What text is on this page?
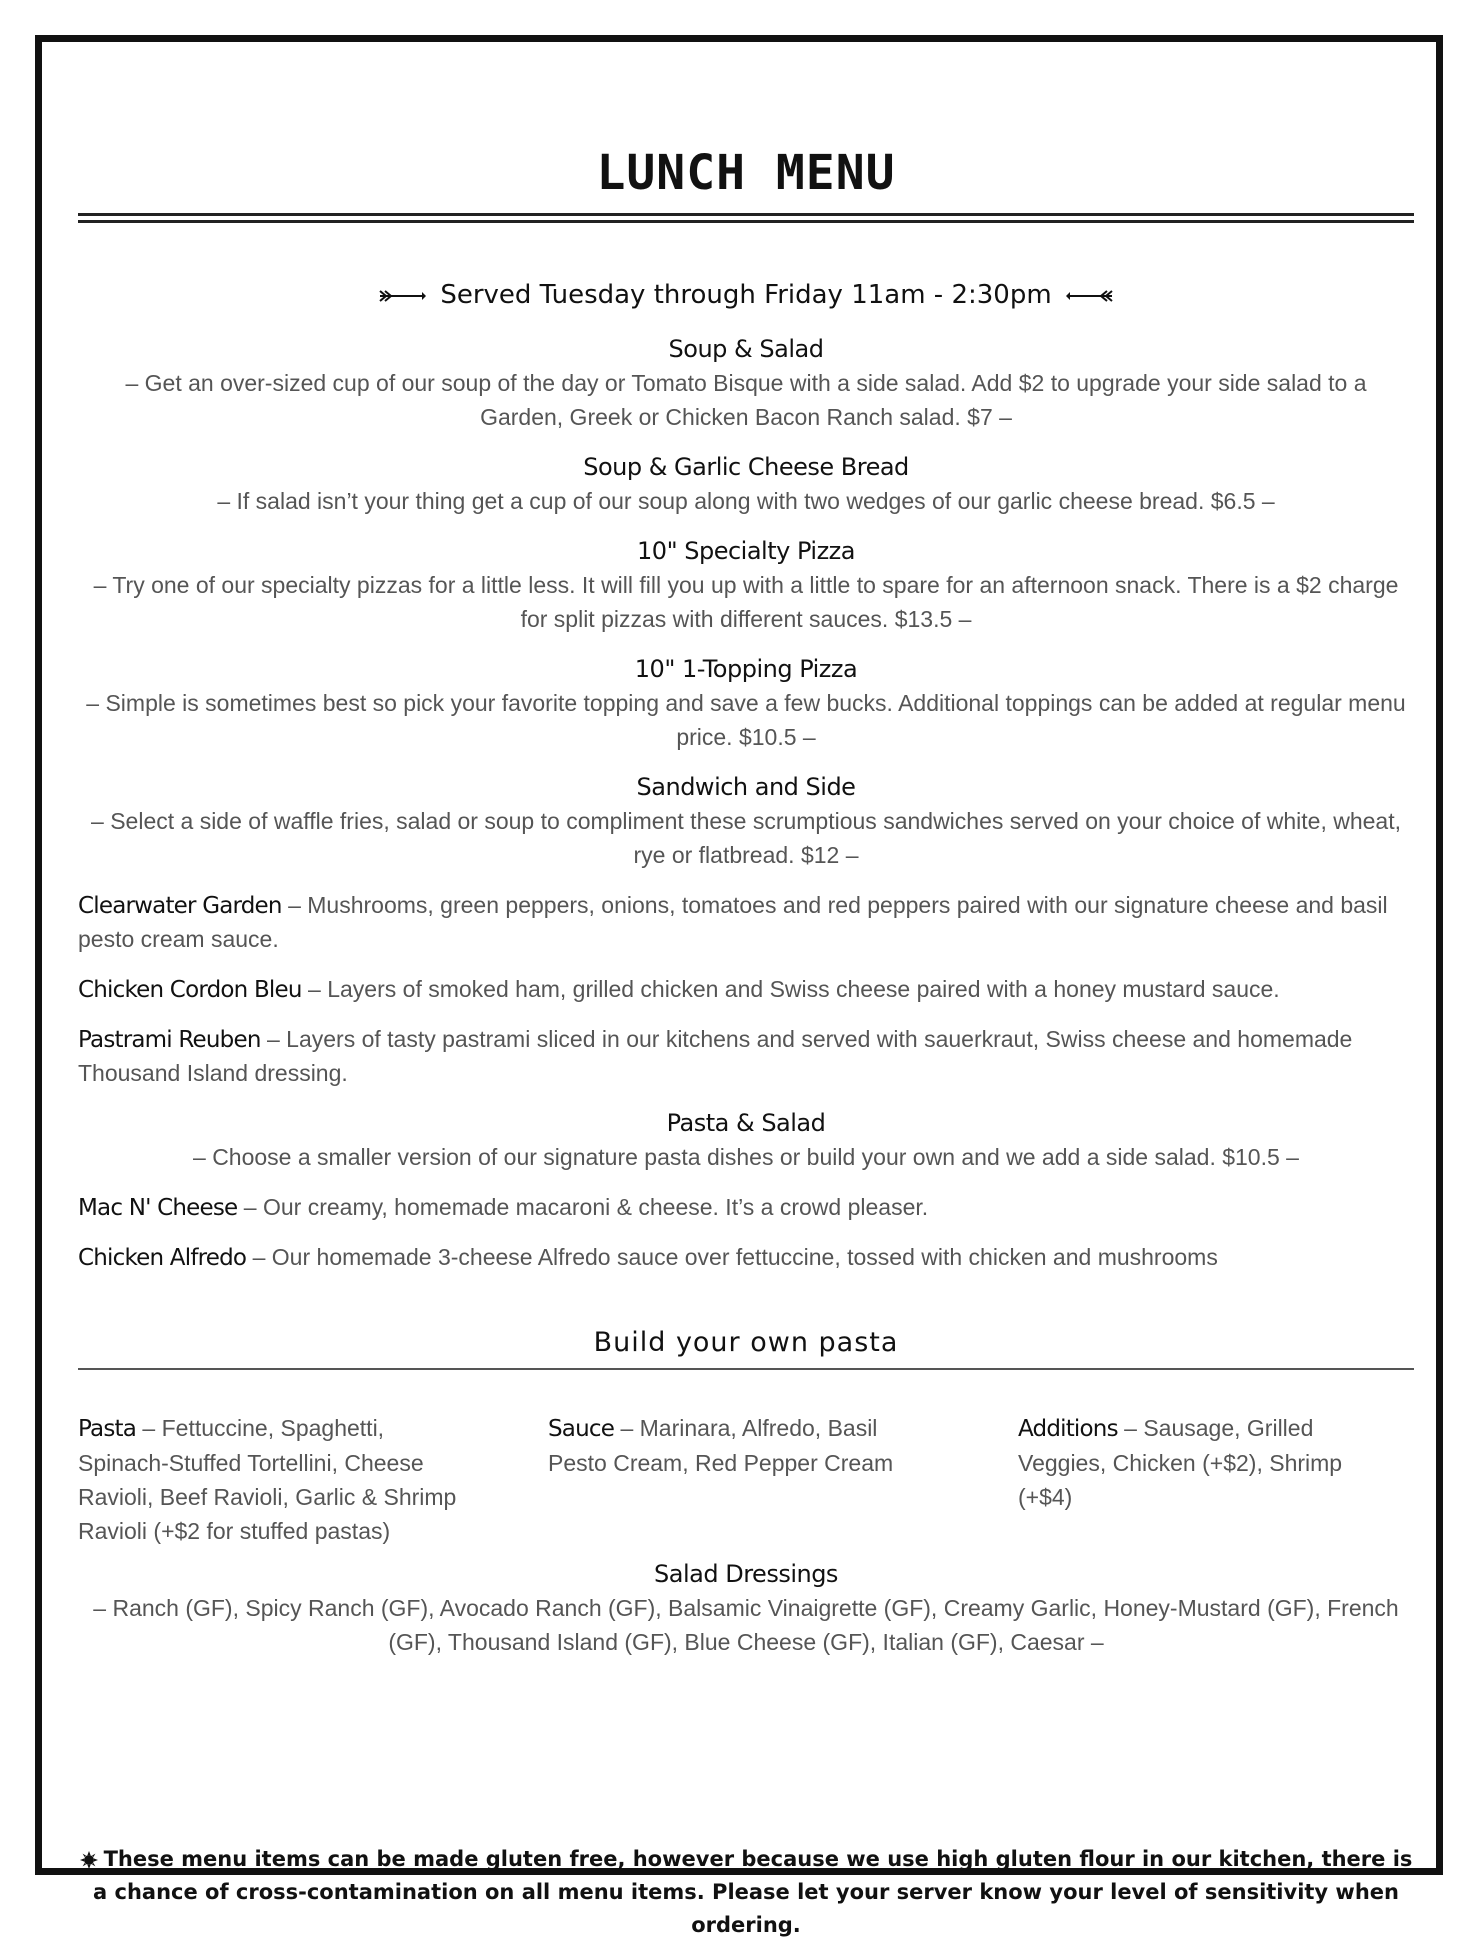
LUNCH MENU
Served Tuesday through Friday 11am - 2:30pm
Soup & Salad
– Get an over-sized cup of our soup of the day or Tomato Bisque with a side salad. Add $2 to upgrade your side salad to a Garden, Greek or Chicken Bacon Ranch salad. $7 –
Soup & Garlic Cheese Bread
– If salad isn’t your thing get a cup of our soup along with two wedges of our garlic cheese bread. $6.5 –
10" Specialty Pizza
– Try one of our specialty pizzas for a little less. It will fill you up with a little to spare for an afternoon snack. There is a $2 charge for split pizzas with different sauces. $13.5 –
10" 1-Topping Pizza
– Simple is sometimes best so pick your favorite topping and save a few bucks. Additional toppings can be added at regular menu price. $10.5 –
Sandwich and Side
– Select a side of waffle fries, salad or soup to compliment these scrumptious sandwiches served on your choice of white, wheat, rye or flatbread. $12 –
Clearwater Garden – Mushrooms, green peppers, onions, tomatoes and red peppers paired with our signature cheese and basil pesto cream sauce.
Chicken Cordon Bleu – Layers of smoked ham, grilled chicken and Swiss cheese paired with a honey mustard sauce.
Pastrami Reuben – Layers of tasty pastrami sliced in our kitchens and served with sauerkraut, Swiss cheese and homemade Thousand Island dressing.
Pasta & Salad
– Choose a smaller version of our signature pasta dishes or build your own and we add a side salad. $10.5 –
Mac N' Cheese – Our creamy, homemade macaroni & cheese. It’s a crowd pleaser.
Chicken Alfredo – Our homemade 3-cheese Alfredo sauce over fettuccine, tossed with chicken and mushrooms
Build your own pasta
Pasta – Fettuccine, Spaghetti, Spinach-Stuffed Tortellini, Cheese Ravioli, Beef Ravioli, Garlic & Shrimp Ravioli (+$2 for stuffed pastas)
Sauce – Marinara, Alfredo, Basil Pesto Cream, Red Pepper Cream
Additions – Sausage, Grilled Veggies, Chicken (+$2), Shrimp (+$4)
Salad Dressings
– Ranch (GF), Spicy Ranch (GF), Avocado Ranch (GF), Balsamic Vinaigrette (GF), Creamy Garlic, Honey-Mustard (GF), French (GF), Thousand Island (GF), Blue Cheese (GF), Italian (GF), Caesar –
These menu items can be made gluten free, however because we use high gluten flour in our kitchen, there is a chance of cross-contamination on all menu items. Please let your server know your level of sensitivity when ordering.
